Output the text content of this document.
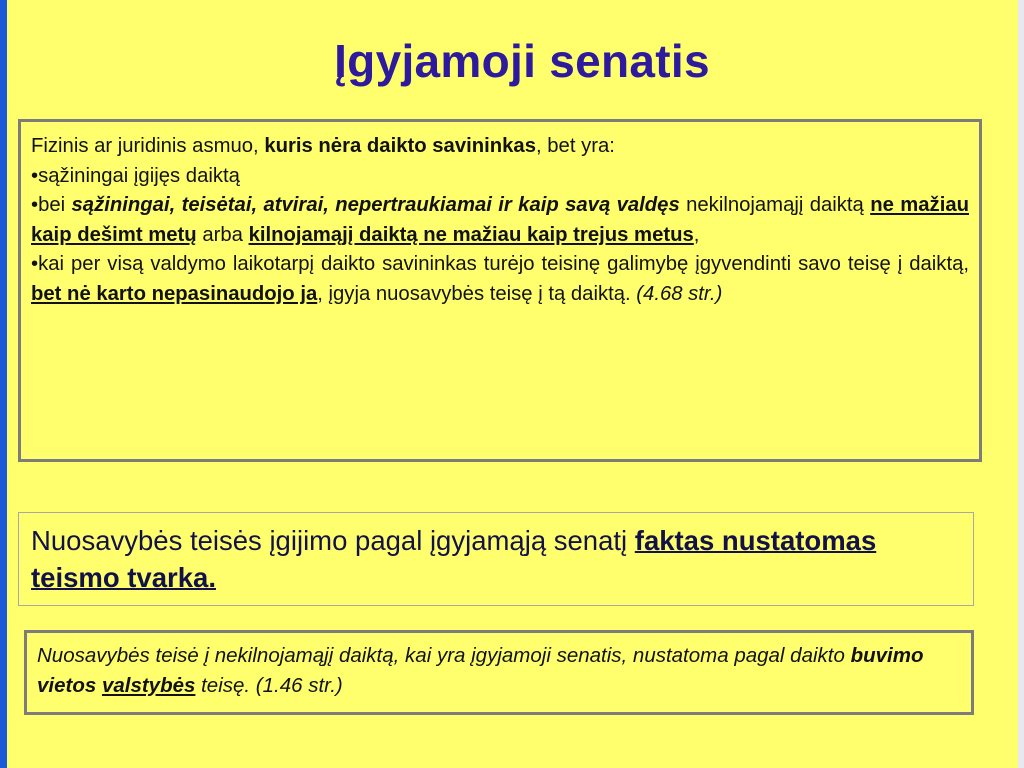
Įgyjamoji senatis

Fizinis ar juridinis asmuo, kuris nėra daikto savininkas, bet yra:

•sąžiningai įgijęs daiktą

•bei sąžiningai, teisėtai, atvirai, nepertraukiamai ir kaip savą valdęs nekilnojamąjį daiktą ne mažiau kaip dešimt metų arba kilnojamąjį daiktą ne mažiau kaip trejus metus,

•kai per visą valdymo laikotarpį daikto savininkas turėjo teisinę galimybę įgyvendinti savo teisę į daiktą, bet nė karto nepasinaudojo ja, įgyja nuosavybės teisę į tą daiktą. (4.68 str.)

Nuosavybės teisės įgijimo pagal įgyjamąją senatį faktas nustatomas teismo tvarka.
Nuosavybės teisė į nekilnojamąjį daiktą, kai yra įgyjamoji senatis, nustatoma pagal daikto buvimo vietos valstybės teisę. (1.46 str.)
